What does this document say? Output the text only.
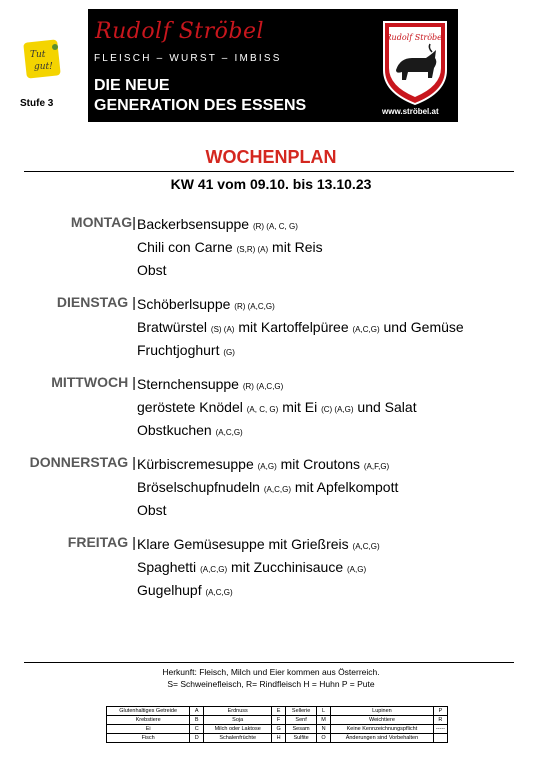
Tut
gut!
Stufe 3
Rudolf Ströbel
FLEISCH – WURST – IMBISS
DIE NEUE
GENERATION DES ESSENS
Rudolf Ströbel
www.ströbel.at
WOCHENPLAN
KW 41 vom 09.10. bis 13.10.23
MONTAG| Backerbsensuppe (R) (A, C, G)
Chili con Carne (S,R) (A) mit Reis
Obst
DIENSTAG | Schöberlsuppe (R) (A,C,G)
Bratwürstel (S) (A) mit Kartoffelpüree (A,C,G) und Gemüse
Fruchtjoghurt (G)
MITTWOCH | Sternchensuppe (R) (A,C,G)
geröstete Knödel (A, C, G) mit Ei (C) (A,G) und Salat
Obstkuchen (A,C,G)
DONNERSTAG | Kürbiscremesuppe (A,G) mit Croutons (A,F,G)
Bröselschupfnudeln (A,C,G) mit Apfelkompott
Obst
FREITAG | Klare Gemüsesuppe mit Grießreis (A,C,G)
Spaghetti (A,C,G) mit Zucchinisauce (A,G)
Gugelhupf (A,C,G)
Herkunft: Fleisch, Milch und Eier kommen aus Österreich.
S= Schweinefleisch, R= Rindfleisch H = Huhn P = Pute
Glutenhaltiges Getreide	A	Erdnuss	E	Sellerie	L	Lupinen	P
Krebstiere	B	Soja	F	Senf	M	Weichtiere	R
Ei	C	Milch oder Laktose	G	Sesam	N	Keine Kennzeichnungspflicht	-----
Fisch	D	Schalenfrüchte	H	Sulfite	O	Änderungen sind Vorbehalten	
